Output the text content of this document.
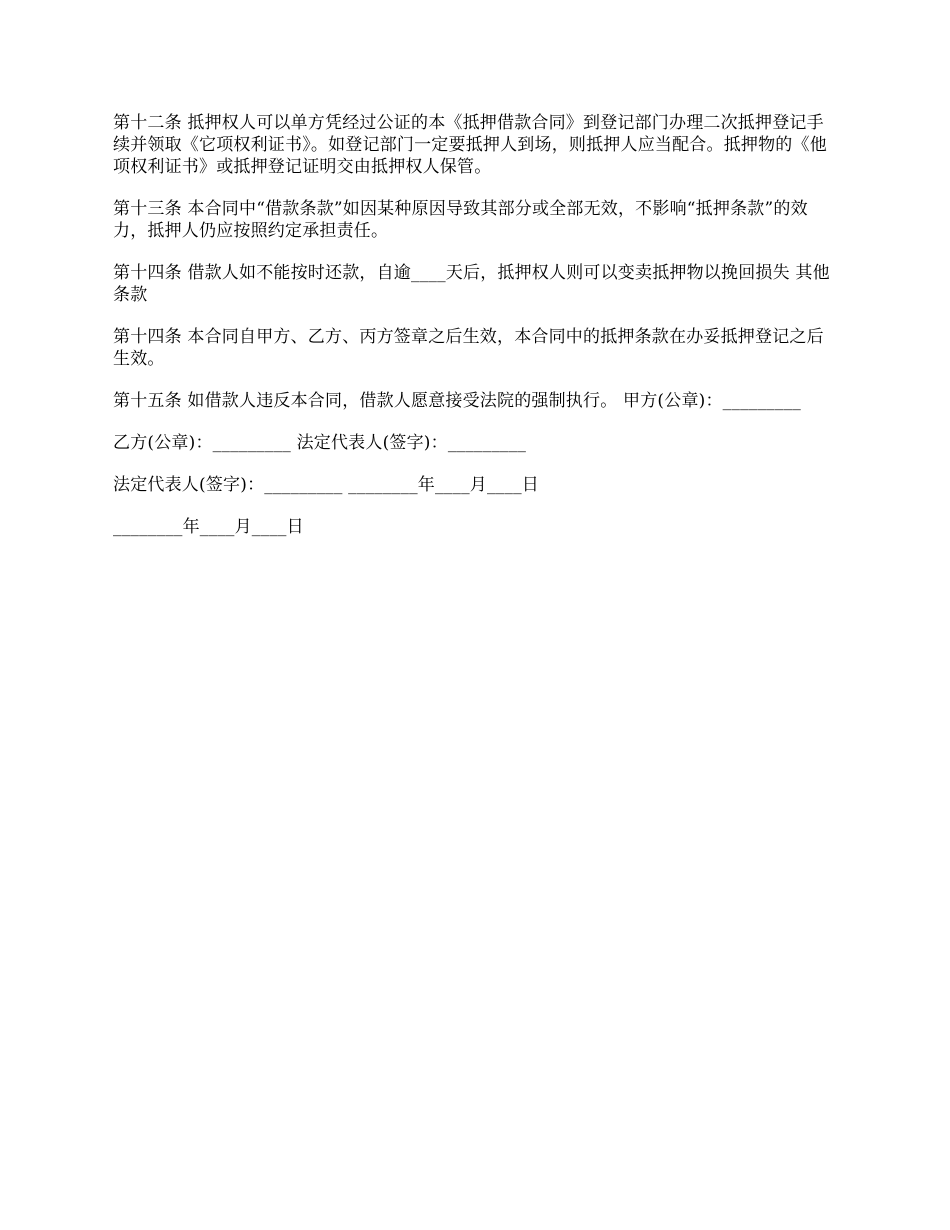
第十二条 抵押权人可以单方凭经过公证的本《抵押借款合同》到登记部门办理二次抵押登记手续并领取《它项权利证书》。如登记部门一定要抵押人到场，则抵押人应当配合。抵押物的《他项权利证书》或抵押登记证明交由抵押权人保管。

第十三条 本合同中“借款条款”如因某种原因导致其部分或全部无效，不影响“抵押条款”的效力，抵押人仍应按照约定承担责任。

第十四条 借款人如不能按时还款，自逾____天后，抵押权人则可以变卖抵押物以挽回损失 其他条款

第十四条 本合同自甲方、乙方、丙方签章之后生效，本合同中的抵押条款在办妥抵押登记之后生效。

第十五条 如借款人违反本合同，借款人愿意接受法院的强制执行。 甲方(公章)：_________

乙方(公章)：_________ 法定代表人(签字)：_________

法定代表人(签字)：_________ ________年____月____日

________年____月____日
